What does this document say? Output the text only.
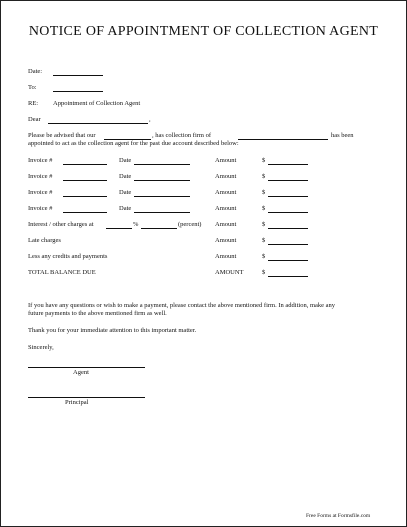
NOTICE OF APPOINTMENT OF COLLECTION AGENT
Date:
To:
RE: Appointment of Collection Agent
Dear	,
Please be advised that our	, has collection firm of	has been
appointed to act as the collection agent for the past due account described below:
Invoice #	Date	Amount	$
Invoice #	Date	Amount	$
Invoice #	Date	Amount	$
Invoice #	Date	Amount	$
Interest / other charges at	%	(percent) Amount	$
Late charges	Amount	$
Less any credits and payments	Amount	$
TOTAL BALANCE DUE	AMOUNT	$
If you have any questions or wish to make a payment, please contact the above mentioned firm. In addition, make any
future payments to the above mentioned firm as well.
Thank you for your immediate attention to this important matter.
Sincerely,
Agent
Principal
Free Forms at Formsfile.com
